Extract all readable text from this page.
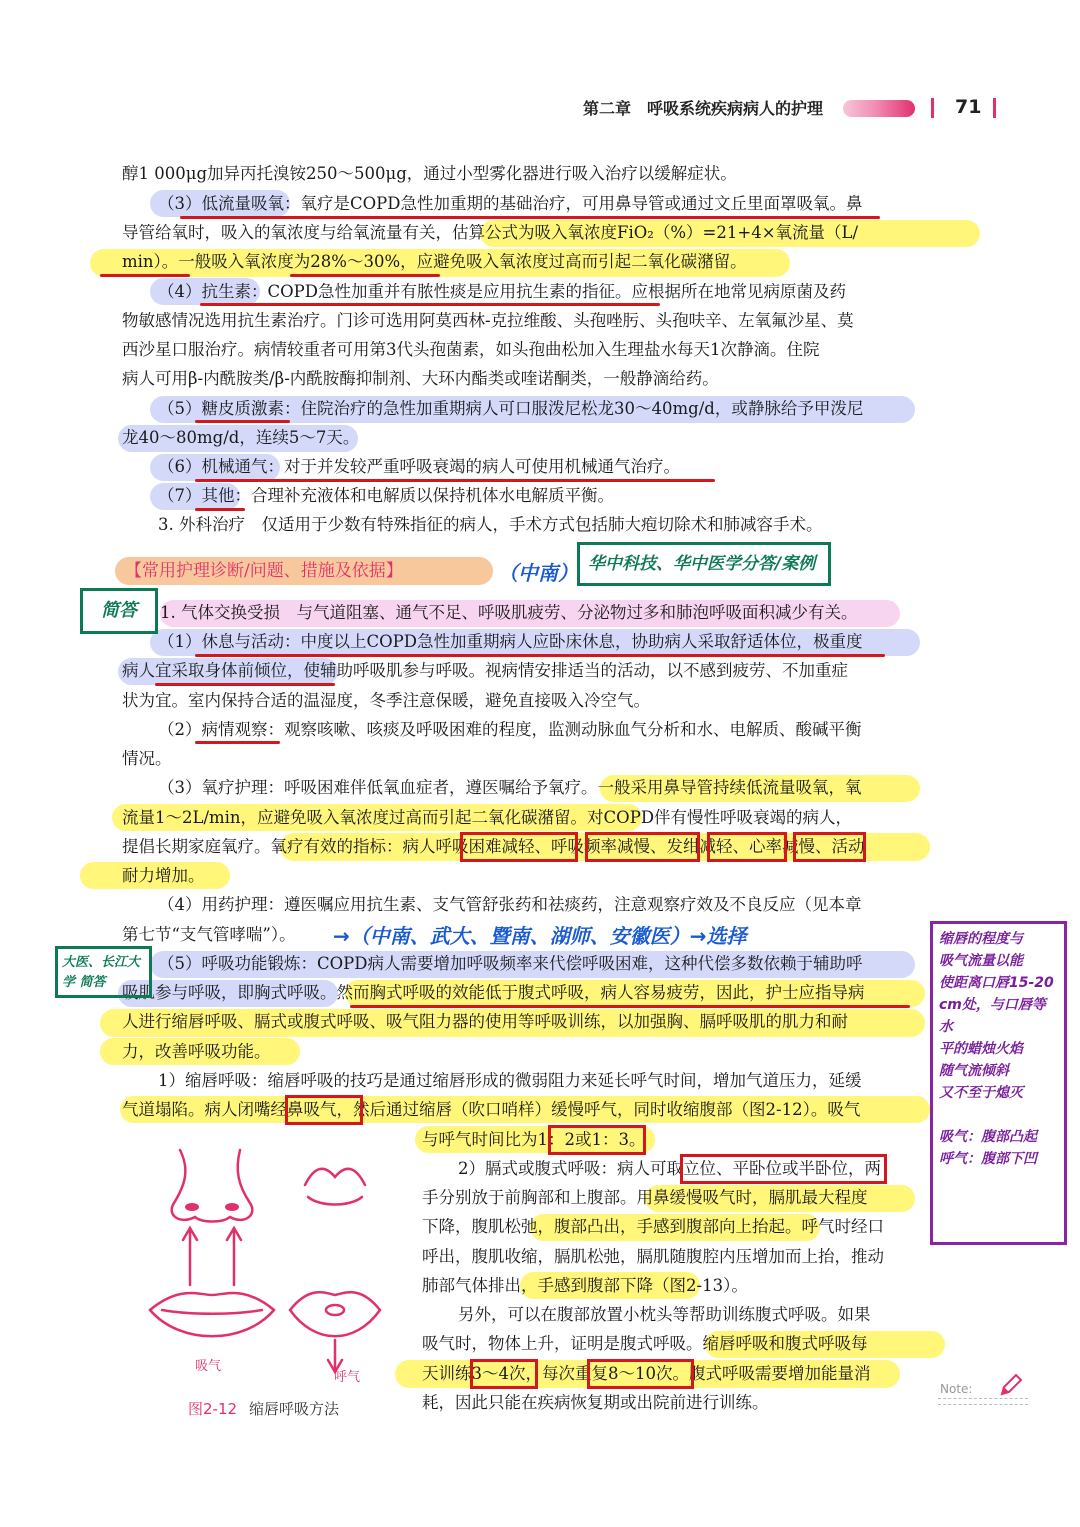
第二章　呼吸系统疾病病人的护理	71
【常用护理诊断/问题、措施及依据】
醇1 000μg加异丙托溴铵250～500μg，通过小型雾化器进行吸入治疗以缓解症状。
（3）低流量吸氧：氧疗是COPD急性加重期的基础治疗，可用鼻导管或通过文丘里面罩吸氧。鼻
导管给氧时，吸入的氧浓度与给氧流量有关，估算公式为吸入氧浓度FiO₂（%）=21+4×氧流量（L/
min）。一般吸入氧浓度为28%～30%，应避免吸入氧浓度过高而引起二氧化碳潴留。
（4）抗生素：COPD急性加重并有脓性痰是应用抗生素的指征。应根据所在地常见病原菌及药
物敏感情况选用抗生素治疗。门诊可选用阿莫西林-克拉维酸、头孢唑肟、头孢呋辛、左氧氟沙星、莫
西沙星口服治疗。病情较重者可用第3代头孢菌素，如头孢曲松加入生理盐水每天1次静滴。住院
病人可用β-内酰胺类/β-内酰胺酶抑制剂、大环内酯类或喹诺酮类，一般静滴给药。
（5）糖皮质激素：住院治疗的急性加重期病人可口服泼尼松龙30～40mg/d，或静脉给予甲泼尼
龙40～80mg/d，连续5～7天。
（6）机械通气：对于并发较严重呼吸衰竭的病人可使用机械通气治疗。
（7）其他：合理补充液体和电解质以保持机体水电解质平衡。
3. 外科治疗　仅适用于少数有特殊指征的病人，手术方式包括肺大疱切除术和肺减容手术。
1. 气体交换受损　与气道阻塞、通气不足、呼吸肌疲劳、分泌物过多和肺泡呼吸面积减少有关。
（1）休息与活动：中度以上COPD急性加重期病人应卧床休息，协助病人采取舒适体位，极重度
病人宜采取身体前倾位，使辅助呼吸肌参与呼吸。视病情安排适当的活动，以不感到疲劳、不加重症
状为宜。室内保持合适的温湿度，冬季注意保暖，避免直接吸入冷空气。
（2）病情观察：观察咳嗽、咳痰及呼吸困难的程度，监测动脉血气分析和水、电解质、酸碱平衡
情况。
（3）氧疗护理：呼吸困难伴低氧血症者，遵医嘱给予氧疗。一般采用鼻导管持续低流量吸氧，氧
流量1～2L/min，应避免吸入氧浓度过高而引起二氧化碳潴留。对COPD伴有慢性呼吸衰竭的病人，
提倡长期家庭氧疗。氧疗有效的指标：病人呼吸困难减轻、呼吸频率减慢、发绀减轻、心率减慢、活动
耐力增加。
（4）用药护理：遵医嘱应用抗生素、支气管舒张药和祛痰药，注意观察疗效及不良反应（见本章
第七节“支气管哮喘”）。
（5）呼吸功能锻炼：COPD病人需要增加呼吸频率来代偿呼吸困难，这种代偿多数依赖于辅助呼
吸肌参与呼吸，即胸式呼吸。然而胸式呼吸的效能低于腹式呼吸，病人容易疲劳，因此，护士应指导病
人进行缩唇呼吸、膈式或腹式呼吸、吸气阻力器的使用等呼吸训练，以加强胸、膈呼吸肌的肌力和耐
力，改善呼吸功能。
1）缩唇呼吸：缩唇呼吸的技巧是通过缩唇形成的微弱阻力来延长呼气时间，增加气道压力，延缓
气道塌陷。病人闭嘴经鼻吸气，然后通过缩唇（吹口哨样）缓慢呼气，同时收缩腹部（图2-12）。吸气
与呼气时间比为1：2或1：3。
2）膈式或腹式呼吸：病人可取立位、平卧位或半卧位，两
手分别放于前胸部和上腹部。用鼻缓慢吸气时，膈肌最大程度
下降，腹肌松弛，腹部凸出，手感到腹部向上抬起。呼气时经口
呼出，腹肌收缩，膈肌松弛，膈肌随腹腔内压增加而上抬，推动
肺部气体排出，手感到腹部下降（图2-13）。
另外，可以在腹部放置小枕头等帮助训练腹式呼吸。如果
吸气时，物体上升，证明是腹式呼吸。缩唇呼吸和腹式呼吸每
天训练3～4次，每次重复8～10次。腹式呼吸需要增加能量消
耗，因此只能在疾病恢复期或出院前进行训练。
（中南） 华中科技、华中医学分答/案例
简答
→（中南、武大、暨南、湖师、安徽医）→选择
大医、长江大学 简答
缩唇的程度与
吸气流量以能
使距离口唇15-20
cm处，与口唇等水
平的蜡烛火焰
随气流倾斜
又不至于熄灭

吸气：腹部凸起
呼气：腹部下凹
吸气
呼气
图2-12 缩唇呼吸方法
Note:
